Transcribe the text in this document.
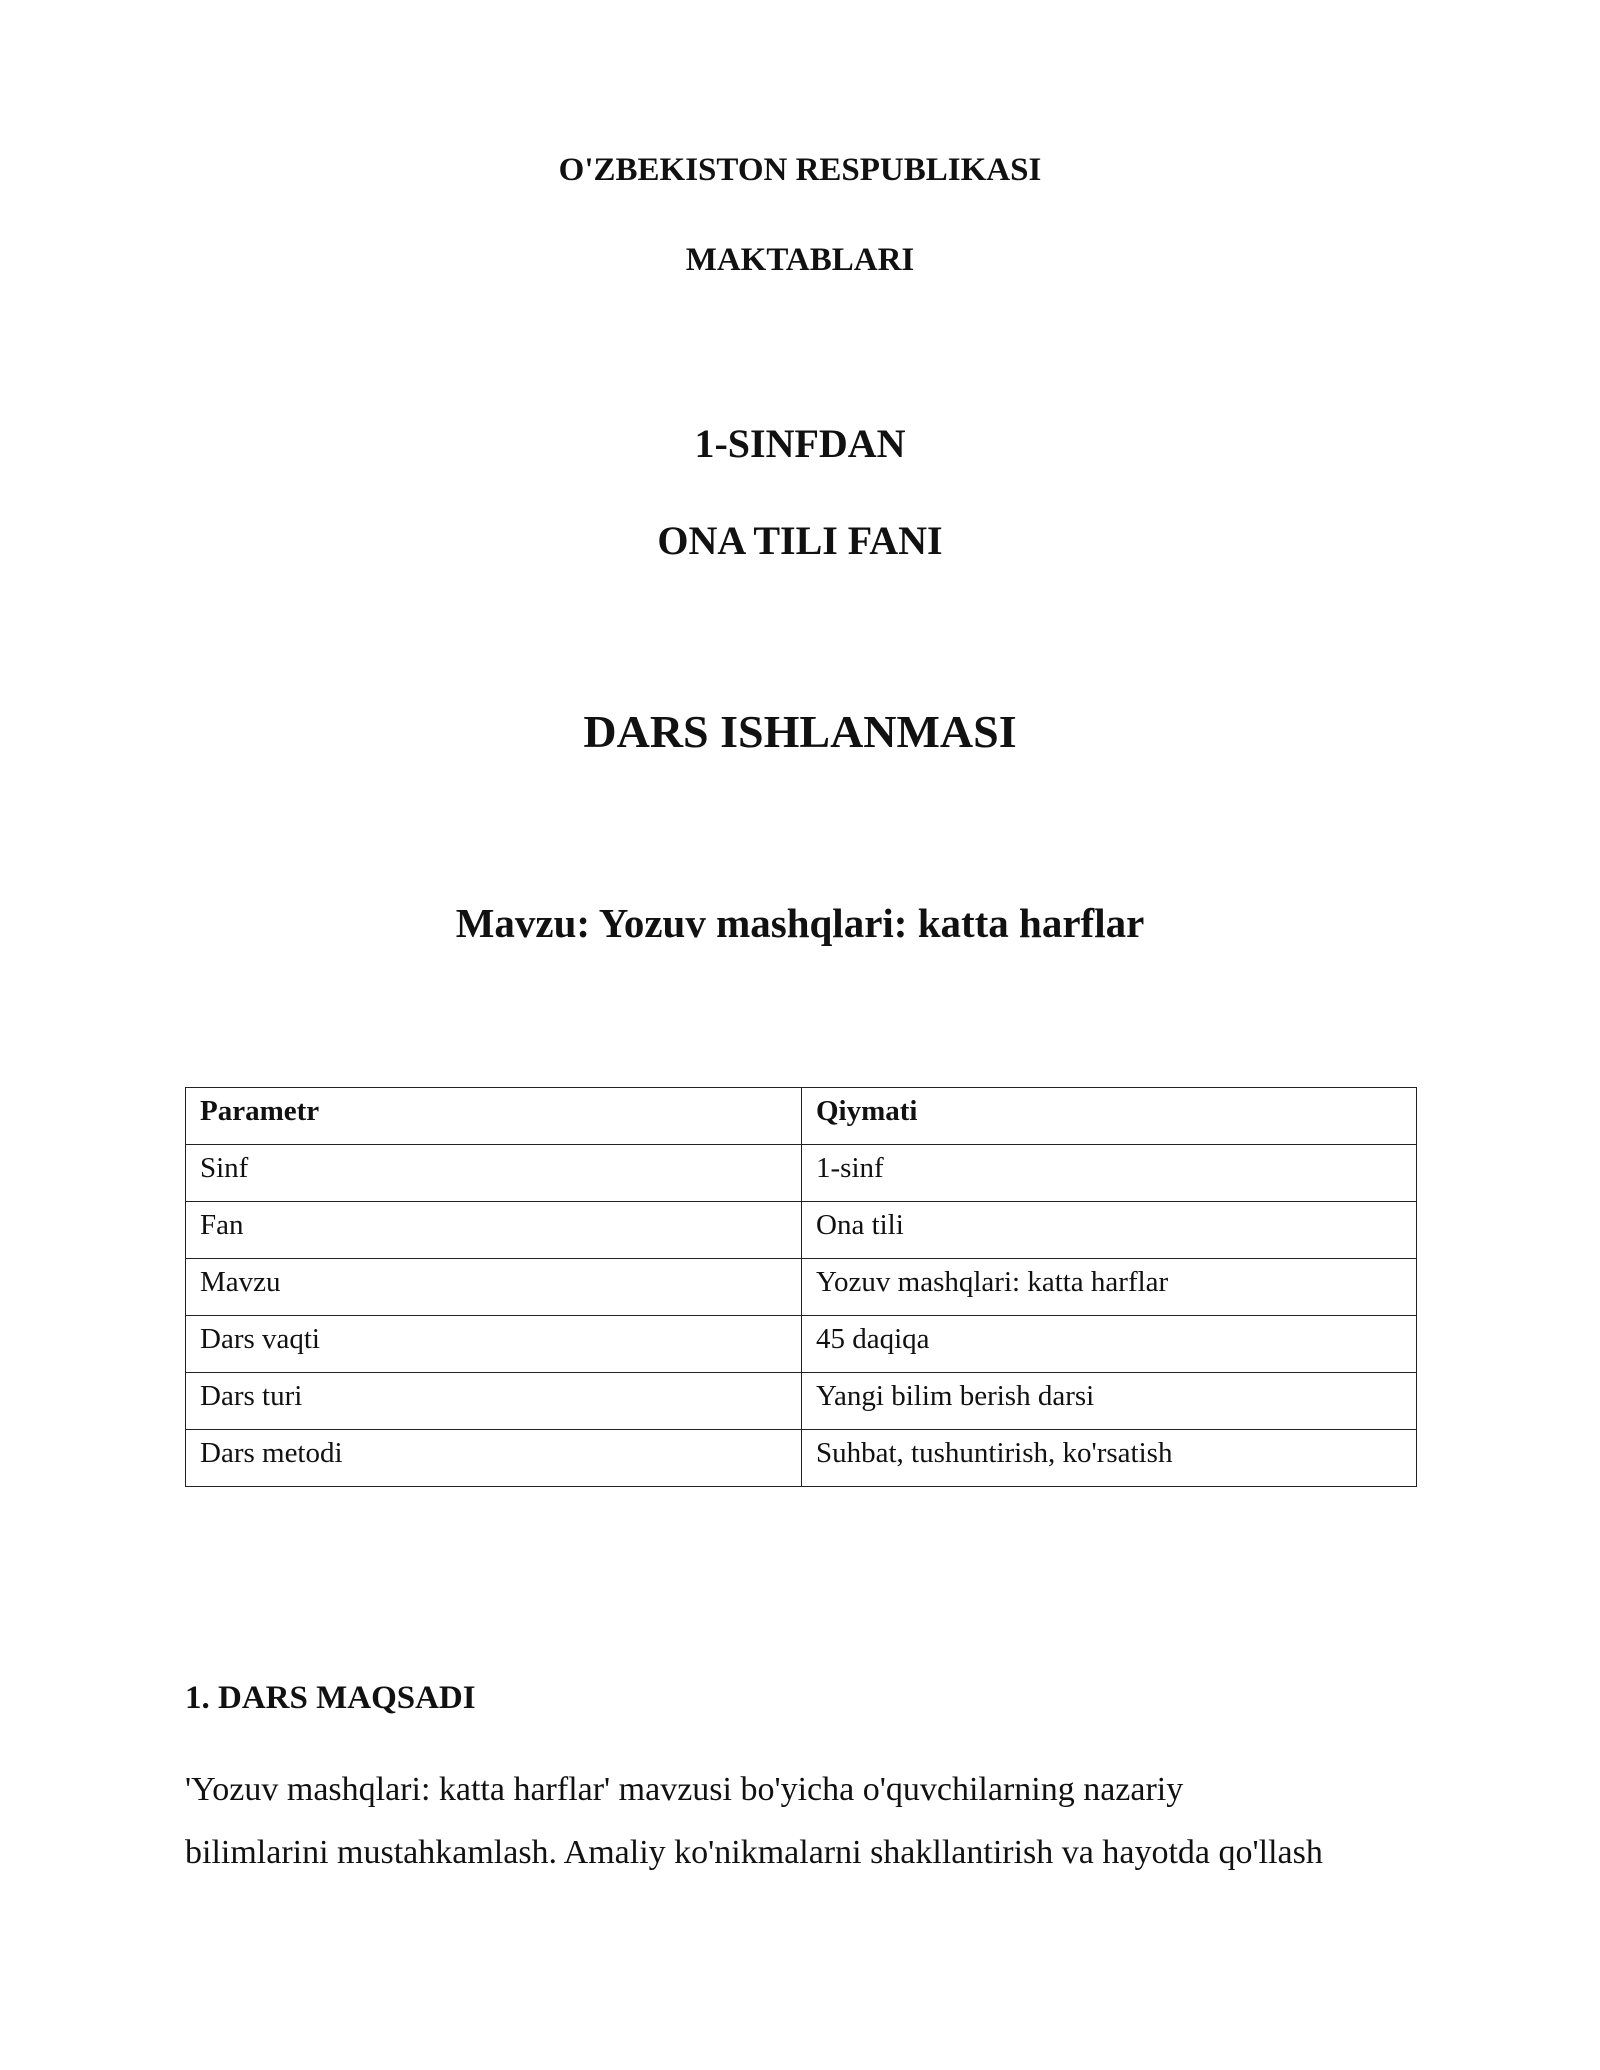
O'ZBEKISTON RESPUBLIKASI
MAKTABLARI
1-SINFDAN
ONA TILI FANI
DARS ISHLANMASI
Mavzu: Yozuv mashqlari: katta harflar
Parametr	Qiymati
Sinf	1-sinf
Fan	Ona tili
Mavzu	Yozuv mashqlari: katta harflar
Dars vaqti	45 daqiqa
Dars turi	Yangi bilim berish darsi
Dars metodi	Suhbat, tushuntirish, ko'rsatish
1. DARS MAQSADI
'Yozuv mashqlari: katta harflar' mavzusi bo'yicha o'quvchilarning nazariy
bilimlarini mustahkamlash. Amaliy ko'nikmalarni shakllantirish va hayotda qo'llash
